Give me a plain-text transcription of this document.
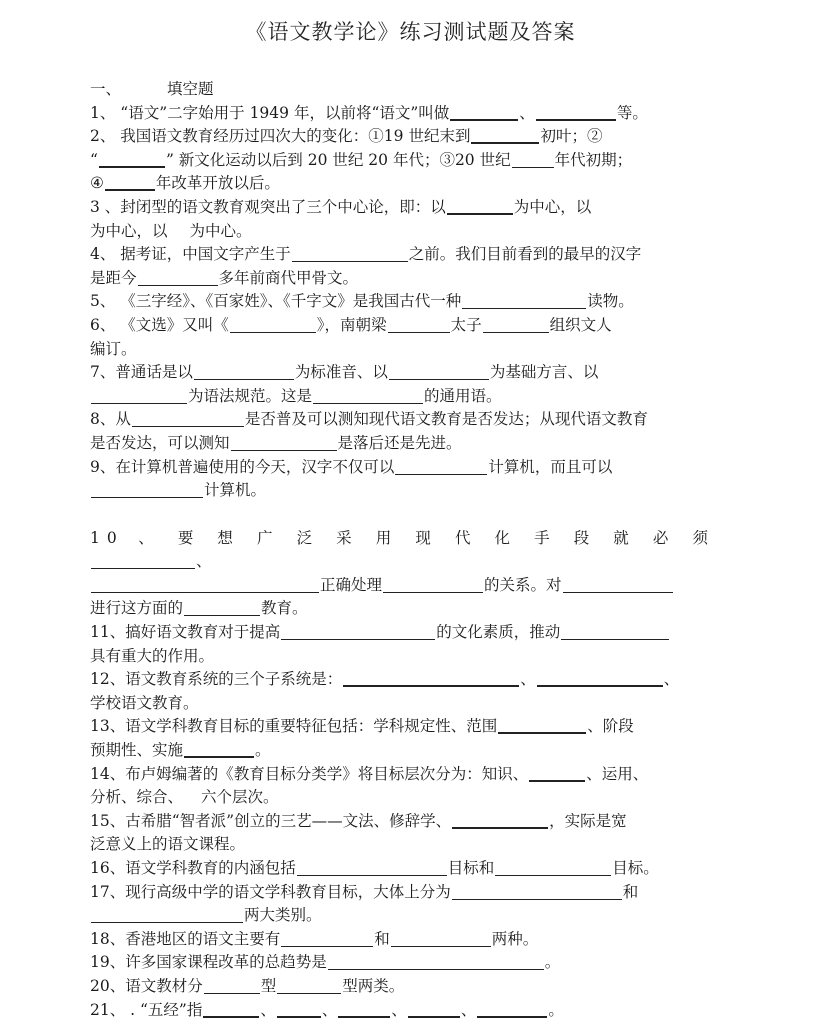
《语文教学论》练习测试题及答案

一、	填空题

1、 “语文”二字始用于 1949 年，以前将“语文”叫做	、	等。

2、 我国语文教育经历过四次大的变化：①19 世纪末到	初叶；②
“	” 新文化运动以后到 20 世纪 20 年代；③20 世纪	年代初期；
④	年改革开放以后。

3 、封闭型的语文教育观突出了三个中心论，即：以	为中心，以
为中心，以 为中心。

4、 据考证，中国文字产生于	之前。我们目前看到的最早的汉字
是距今	多年前商代甲骨文。

5、 《三字经》、《百家姓》、《千字文》是我国古代一种	读物。

6、 《文选》又叫《	》，南朝梁	太子	组织文人
编订。

7、普通话是以	为标准音、以	为基础方言、以
为语法规范。这是	的通用语。

8、从	是否普及可以测知现代语文教育是否发达；从现代语文教育
是否发达，可以测知	是落后还是先进。

9、在计算机普遍使用的今天，汉字不仅可以	计算机，而且可以
计算机。

10 、 要 想 广 泛 采 用 现 代 化 手 段 就 必 须、
正确处理	的关系。对
进行这方面的	教育。

11、搞好语文教育对于提高	的文化素质，推动
具有重大的作用。

12、语文教育系统的三个子系统是：	、	、
学校语文教育。

13、语文学科教育目标的重要特征包括：学科规定性、范围	、阶段
预期性、实施	。

14、布卢姆编著的《教育目标分类学》将目标层次分为：知识、	、运用、
分析、综合、 六个层次。

15、古希腊“智者派”创立的三艺——文法、修辞学、	，实际是宽
泛意义上的语文课程。

16、语文学科教育的内涵包括	目标和	目标。

17、现行高级中学的语文学科教育目标，大体上分为	和
两大类别。

18、香港地区的语文主要有	和	两种。

19、许多国家课程改革的总趋势是	。

20、语文教材分	型	型两类。

21、 . “五经”指	、	、	、	、	。
